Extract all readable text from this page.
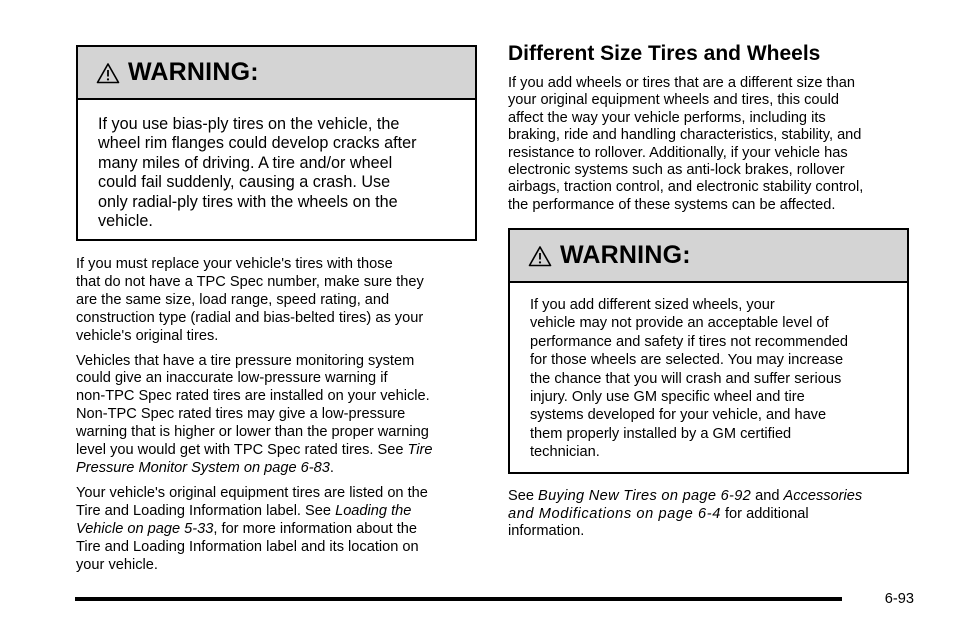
WARNING:
If you use bias-ply tires on the vehicle, the
wheel rim flanges could develop cracks after
many miles of driving. A tire and/or wheel
could fail suddenly, causing a crash. Use
only radial-ply tires with the wheels on the
vehicle.

If you must replace your vehicle's tires with those
that do not have a TPC Spec number, make sure they
are the same size, load range, speed rating, and
construction type (radial and bias-belted tires) as your
vehicle's original tires.

Vehicles that have a tire pressure monitoring system
could give an inaccurate low-pressure warning if
non-TPC Spec rated tires are installed on your vehicle.
Non-TPC Spec rated tires may give a low-pressure
warning that is higher or lower than the proper warning
level you would get with TPC Spec rated tires. See Tire
Pressure Monitor System on page 6-83.

Your vehicle's original equipment tires are listed on the
Tire and Loading Information label. See Loading the
Vehicle on page 5-33, for more information about the
Tire and Loading Information label and its location on
your vehicle.

Different Size Tires and Wheels
If you add wheels or tires that are a different size than
your original equipment wheels and tires, this could
affect the way your vehicle performs, including its
braking, ride and handling characteristics, stability, and
resistance to rollover. Additionally, if your vehicle has
electronic systems such as anti-lock brakes, rollover
airbags, traction control, and electronic stability control,
the performance of these systems can be affected.
WARNING:
If you add different sized wheels, your
vehicle may not provide an acceptable level of
performance and safety if tires not recommended
for those wheels are selected. You may increase
the chance that you will crash and suffer serious
injury. Only use GM specific wheel and tire
systems developed for your vehicle, and have
them properly installed by a GM certified
technician.
See Buying New Tires on page 6-92 and Accessories
and Modifications on page 6-4 for additional
information.
6-93
